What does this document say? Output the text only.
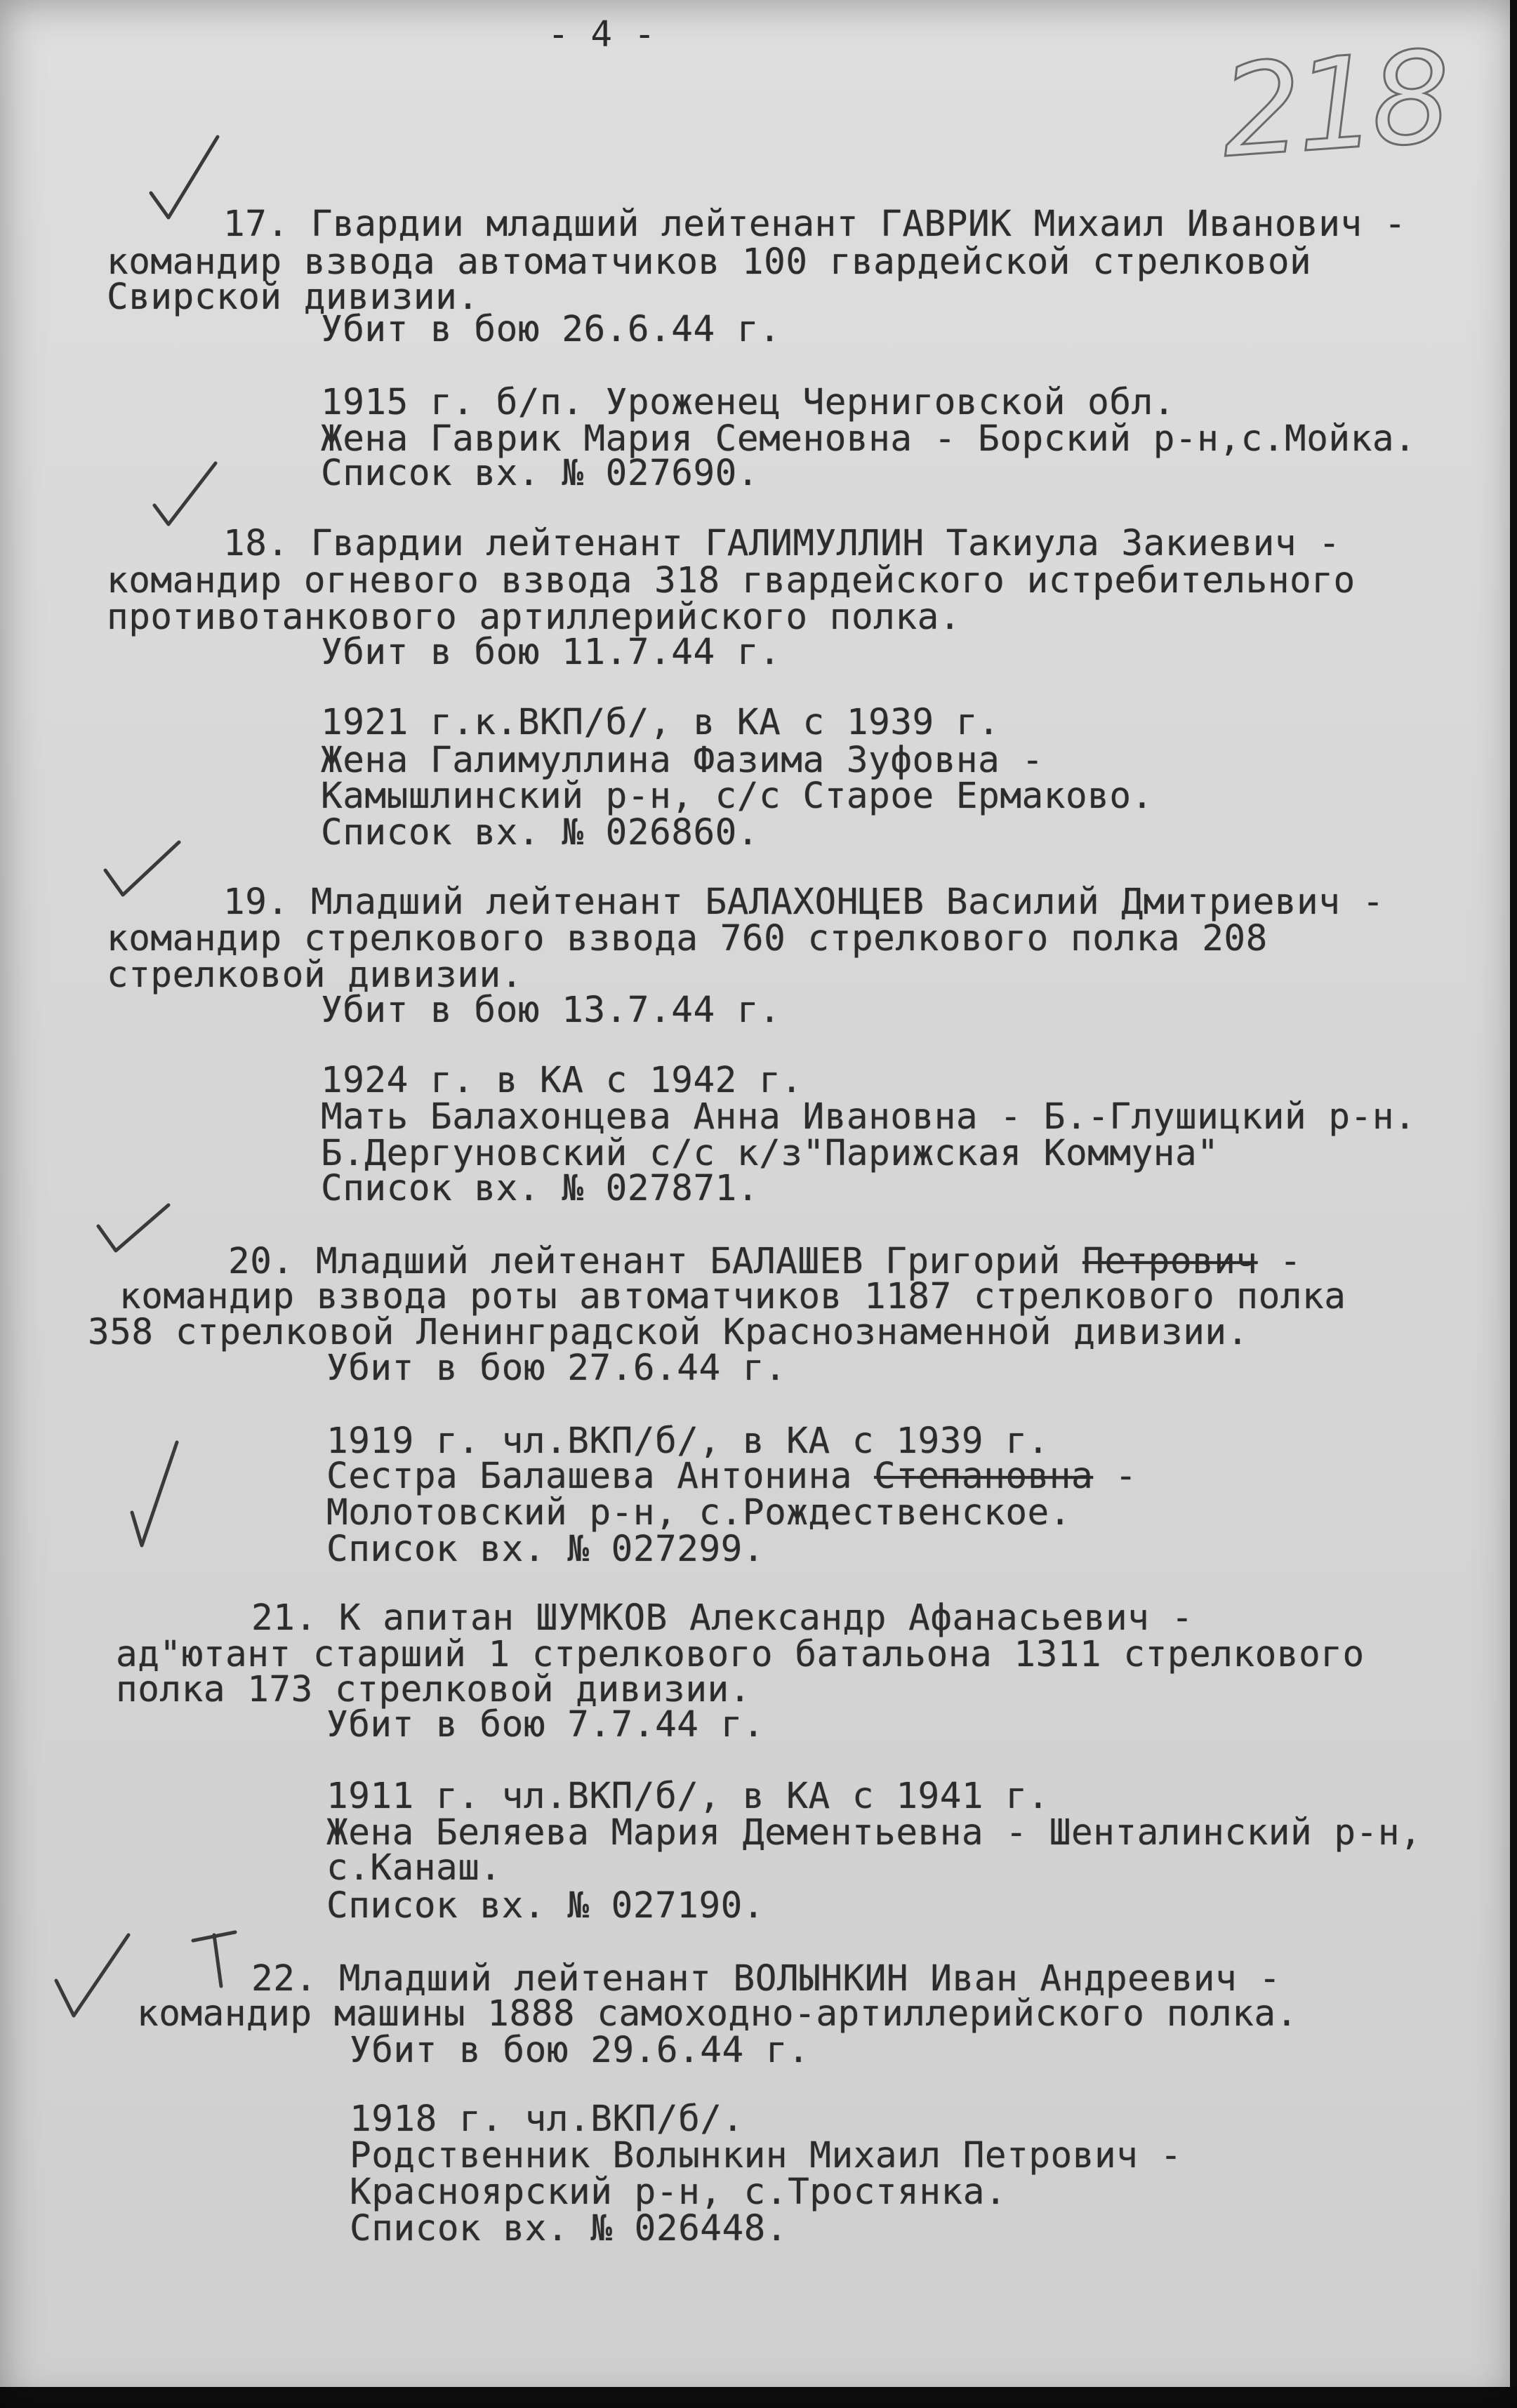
- 4 -	218
17. Гвардии младший лейтенант ГАВРИК Михаил Иванович -
командир взвода автоматчиков 100 гвардейской стрелковой
Свирской дивизии.
Убит в бою 26.6.44 г.
1915 г. б/п. Уроженец Черниговской обл.
Жена Гаврик Мария Семеновна - Борский р-н,с.Мойка.
Список вх. № 027690.
18. Гвардии лейтенант ГАЛИМУЛЛИН Такиула Закиевич -
командир огневого взвода 318 гвардейского истребительного
противотанкового артиллерийского полка.
Убит в бою 11.7.44 г.
1921 г.к.ВКП/б/, в КА с 1939 г.
Жена Галимуллина Фазима Зуфовна -
Камышлинский р-н, с/с Старое Ермаково.
Список вх. № 026860.
19. Младший лейтенант БАЛАХОНЦЕВ Василий Дмитриевич -
командир стрелкового взвода 760 стрелкового полка 208
стрелковой дивизии.
Убит в бою 13.7.44 г.
1924 г. в КА с 1942 г.
Мать Балахонцева Анна Ивановна - Б.-Глушицкий р-н.
Б.Дергуновский с/с к/з"Парижская Коммуна"
Список вх. № 027871.
20. Младший лейтенант БАЛАШЕВ Григорий Петрович -
командир взвода роты автоматчиков 1187 стрелкового полка
358 стрелковой Ленинградской Краснознаменной дивизии.
Убит в бою 27.6.44 г.
1919 г. чл.ВКП/б/, в КА с 1939 г.
Сестра Балашева Антонина Степановна -
Молотовский р-н, с.Рождественское.
Список вх. № 027299.
21. К апитан ШУМКОВ Александр Афанасьевич -
ад"ютант старший 1 стрелкового батальона 1311 стрелкового
полка 173 стрелковой дивизии.
Убит в бою 7.7.44 г.
1911 г. чл.ВКП/б/, в КА с 1941 г.
Жена Беляева Мария Дементьевна - Шенталинский р-н,
с.Канаш.
Список вх. № 027190.
22. Младший лейтенант ВОЛЫНКИН Иван Андреевич -
командир машины 1888 самоходно-артиллерийского полка.
Убит в бою 29.6.44 г.
1918 г. чл.ВКП/б/.
Родственник Волынкин Михаил Петрович -
Красноярский р-н, с.Тростянка.
Список вх. № 026448.
